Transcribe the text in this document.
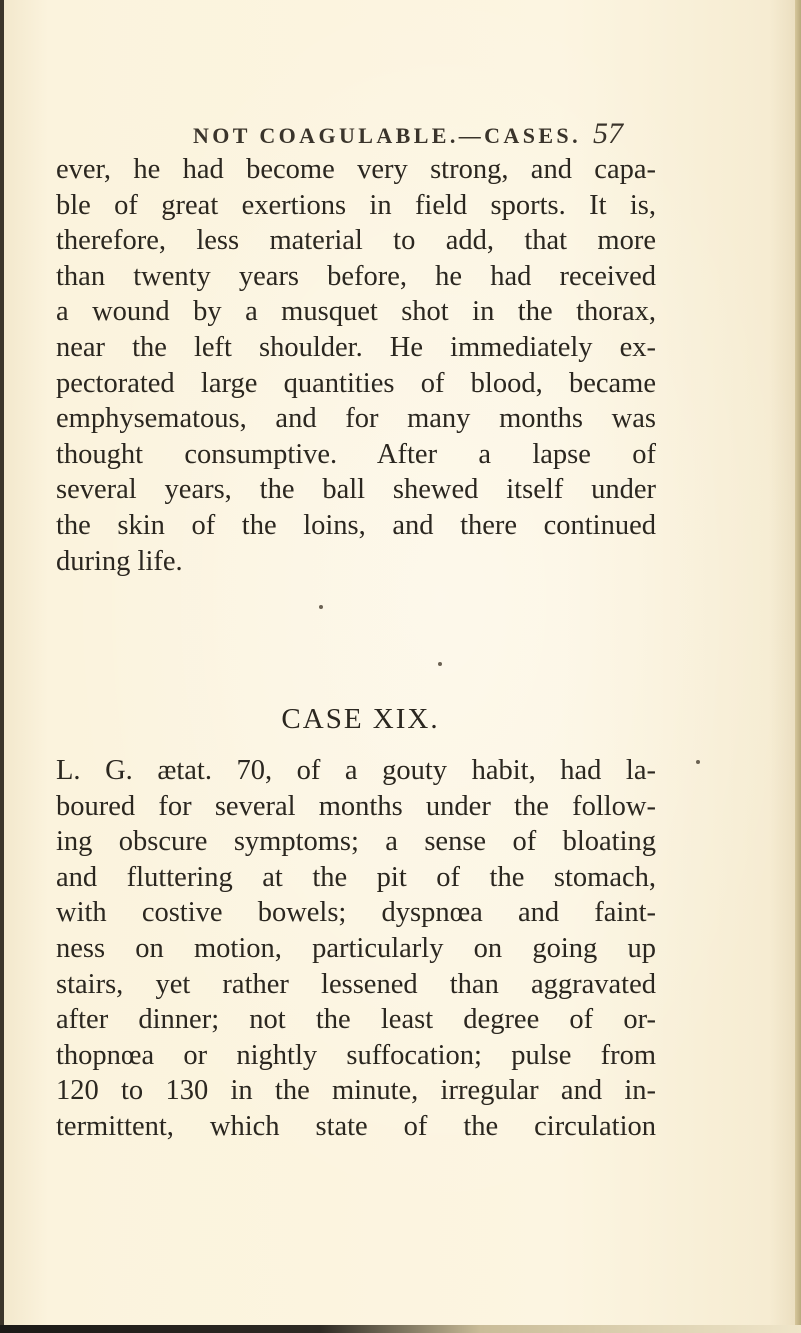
NOT COAGULABLE.—CASES. 57
ever, he had become very strong, and capa-
ble of great exertions in field sports. It is,
therefore, less material to add, that more
than twenty years before, he had received
a wound by a musquet shot in the thorax,
near the left shoulder. He immediately ex-
pectorated large quantities of blood, became
emphysematous, and for many months was
thought consumptive. After a lapse of
several years, the ball shewed itself under
the skin of the loins, and there continued
during life.
CASE XIX.
L. G. ætat. 70, of a gouty habit, had la-
boured for several months under the follow-
ing obscure symptoms; a sense of bloating
and fluttering at the pit of the stomach,
with costive bowels; dyspnœa and faint-
ness on motion, particularly on going up
stairs, yet rather lessened than aggravated
after dinner; not the least degree of or-
thopnœa or nightly suffocation; pulse from
120 to 130 in the minute, irregular and in-
termittent, which state of the circulation
